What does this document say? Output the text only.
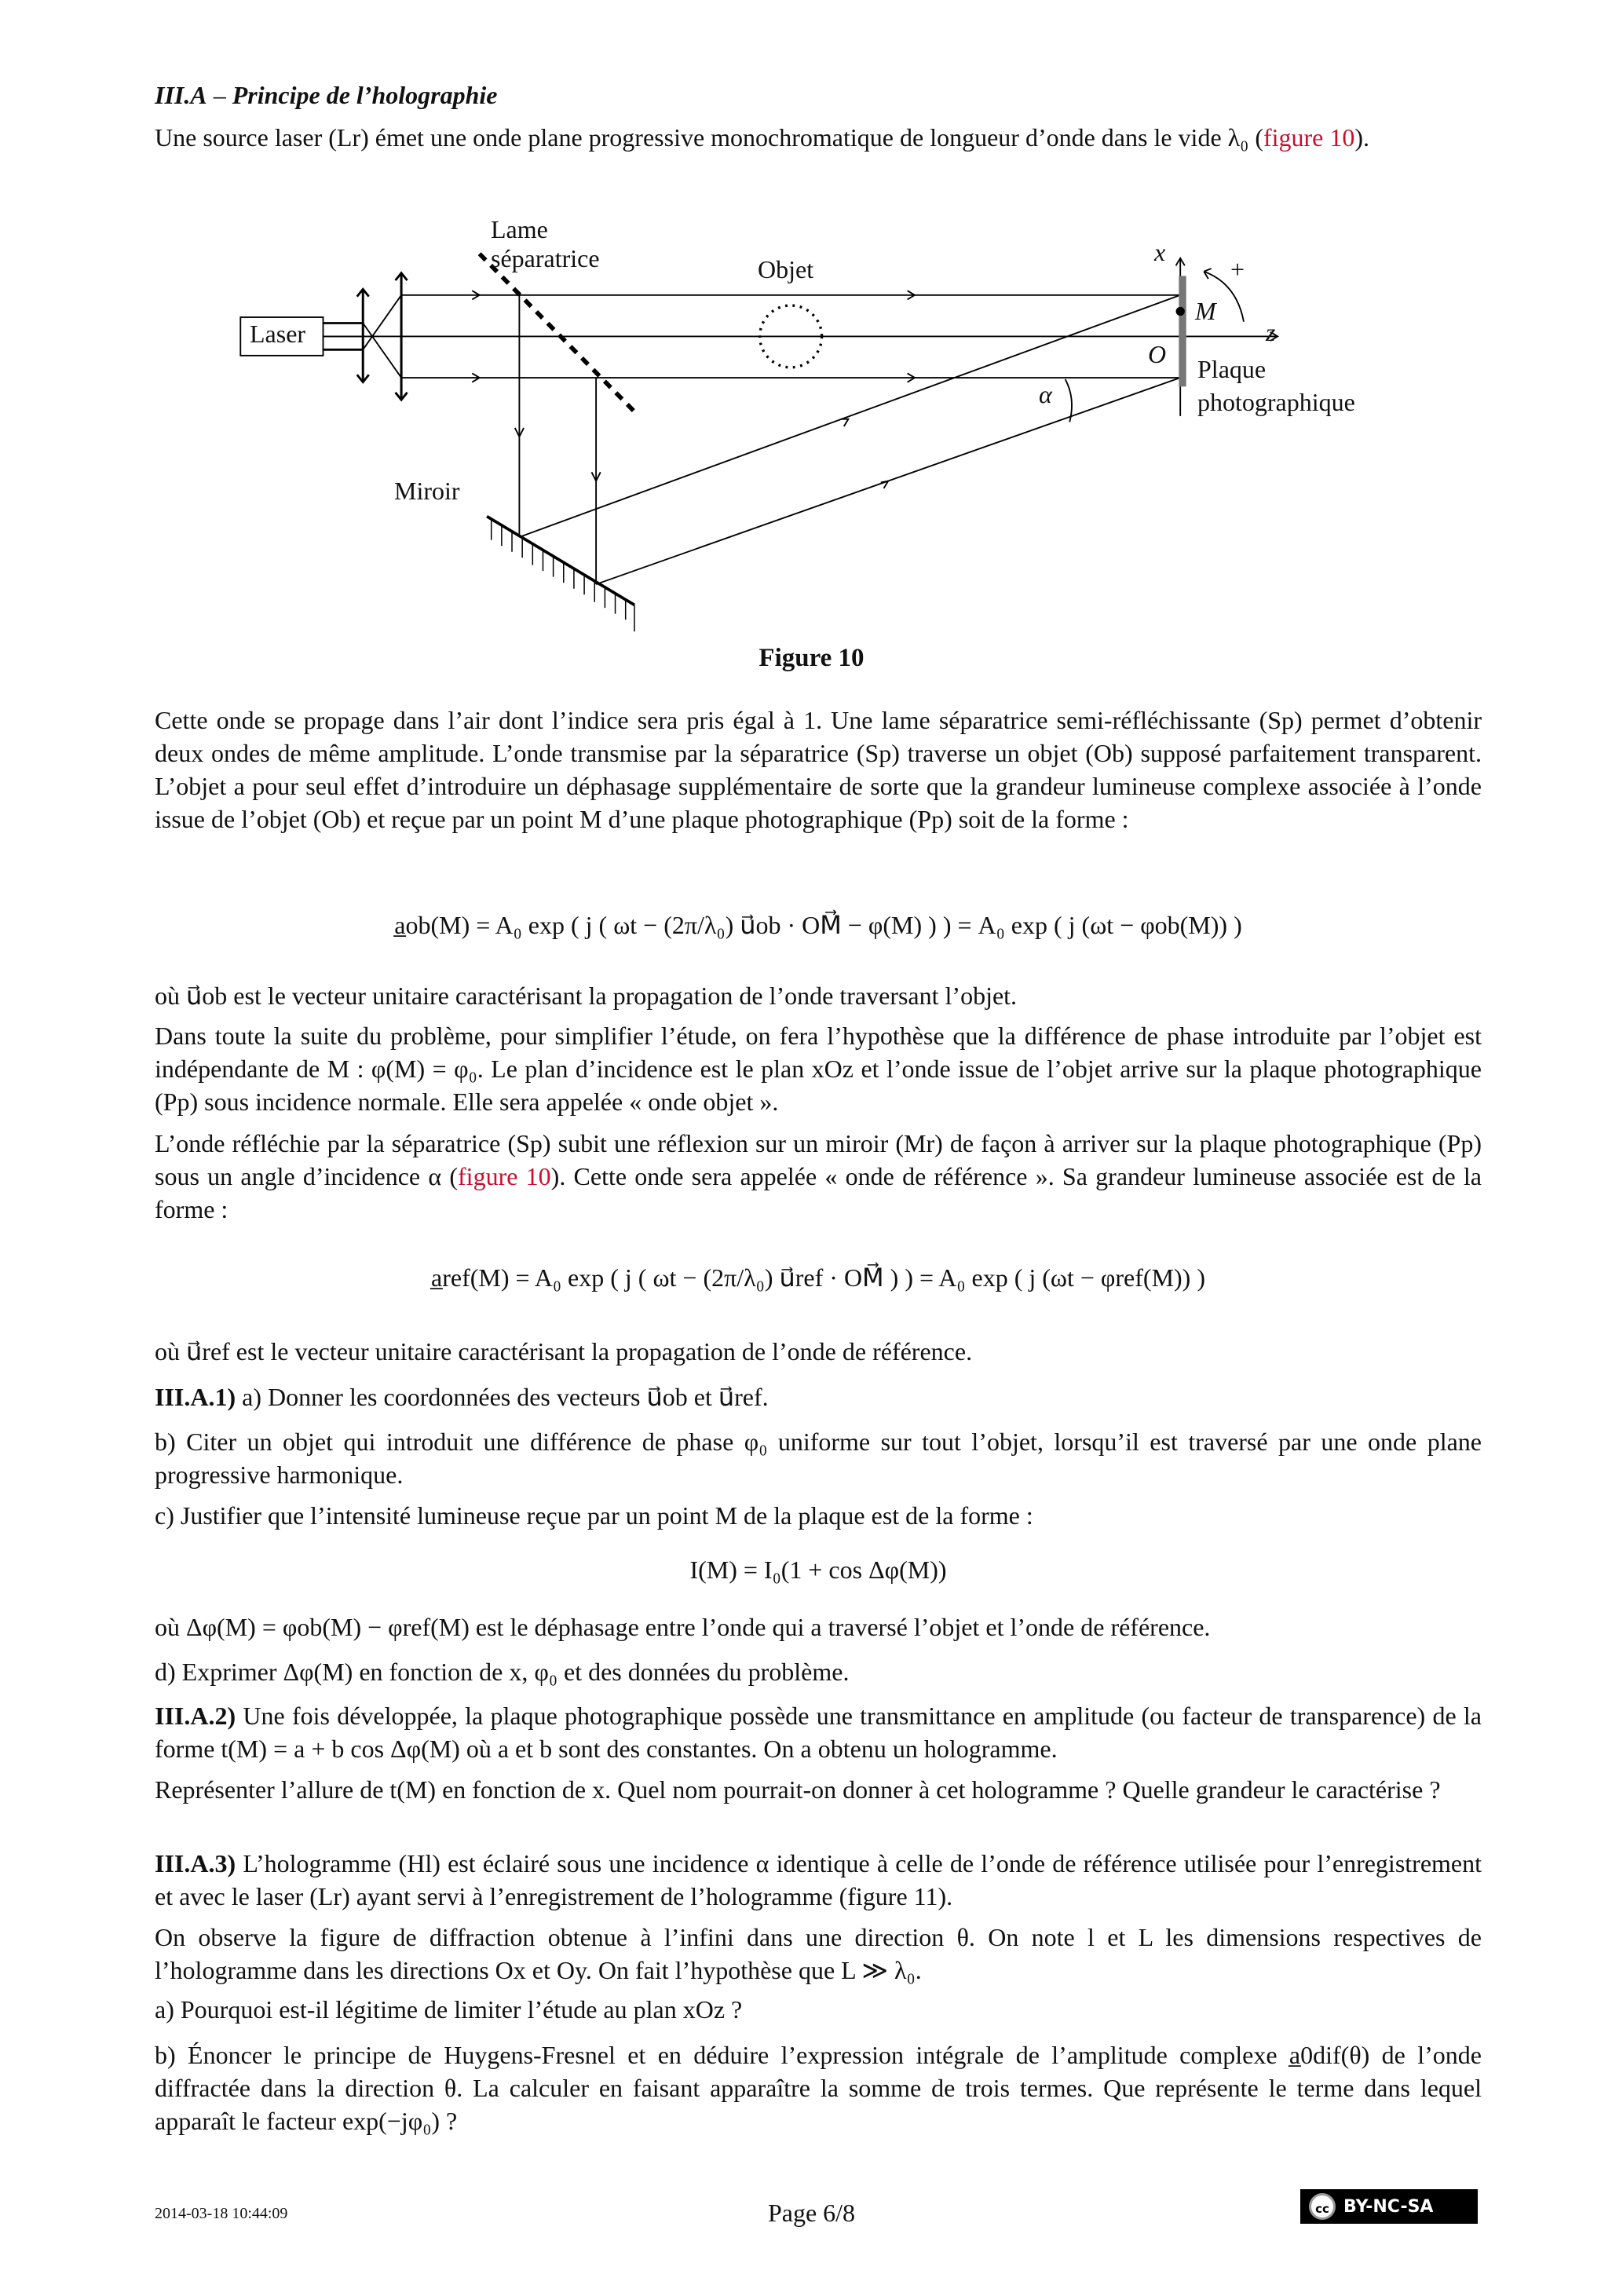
III.A – Principe de l’holographie
Une source laser (Lr) émet une onde plane progressive monochromatique de longueur d’onde dans le vide λ₀ (figure 10).
Lame séparatrice	Objet
Laser
Miroir
x
z
M
O
+
α
Plaque
photographique
Figure 10
Cette onde se propage dans l’air dont l’indice sera pris égal à 1. Une lame séparatrice semi-réfléchissante (Sp) permet d’obtenir deux ondes de même amplitude. L’onde transmise par la séparatrice (Sp) traverse un objet (Ob) supposé parfaitement transparent. L’objet a pour seul effet d’introduire un déphasage supplémentaire de sorte que la grandeur lumineuse complexe associée à l’onde issue de l’objet (Ob) et reçue par un point M d’une plaque photographique (Pp) soit de la forme :
a̲ob(M) = A₀ exp ( j ( ωt − (2π/λ₀) u⃗ob · OM⃗ − φ(M) ) ) = A₀ exp ( j (ωt − φob(M)) )
où u⃗ob est le vecteur unitaire caractérisant la propagation de l’onde traversant l’objet.
Dans toute la suite du problème, pour simplifier l’étude, on fera l’hypothèse que la différence de phase introduite par l’objet est indépendante de M : φ(M) = φ₀. Le plan d’incidence est le plan xOz et l’onde issue de l’objet arrive sur la plaque photographique (Pp) sous incidence normale. Elle sera appelée « onde objet ».
L’onde réfléchie par la séparatrice (Sp) subit une réflexion sur un miroir (Mr) de façon à arriver sur la plaque photographique (Pp) sous un angle d’incidence α (figure 10). Cette onde sera appelée « onde de référence ». Sa grandeur lumineuse associée est de la forme :
a̲ref(M) = A₀ exp ( j ( ωt − (2π/λ₀) u⃗ref · OM⃗ ) ) = A₀ exp ( j (ωt − φref(M)) )
où u⃗ref est le vecteur unitaire caractérisant la propagation de l’onde de référence.
III.A.1) a) Donner les coordonnées des vecteurs u⃗ob et u⃗ref.
b) Citer un objet qui introduit une différence de phase φ₀ uniforme sur tout l’objet, lorsqu’il est traversé par une onde plane progressive harmonique.
c) Justifier que l’intensité lumineuse reçue par un point M de la plaque est de la forme :
I(M) = I₀(1 + cos Δφ(M))
où Δφ(M) = φob(M) − φref(M) est le déphasage entre l’onde qui a traversé l’objet et l’onde de référence.
d) Exprimer Δφ(M) en fonction de x, φ₀ et des données du problème.
III.A.2) Une fois développée, la plaque photographique possède une transmittance en amplitude (ou facteur de transparence) de la forme t(M) = a + b cos Δφ(M) où a et b sont des constantes. On a obtenu un hologramme.
Représenter l’allure de t(M) en fonction de x. Quel nom pourrait-on donner à cet hologramme ? Quelle grandeur le caractérise ?
III.A.3) L’hologramme (Hl) est éclairé sous une incidence α identique à celle de l’onde de référence utilisée pour l’enregistrement et avec le laser (Lr) ayant servi à l’enregistrement de l’hologramme (figure 11).
On observe la figure de diffraction obtenue à l’infini dans une direction θ. On note l et L les dimensions respectives de l’hologramme dans les directions Ox et Oy. On fait l’hypothèse que L ≫ λ₀.
a) Pourquoi est-il légitime de limiter l’étude au plan xOz ?
b) Énoncer le principe de Huygens-Fresnel et en déduire l’expression intégrale de l’amplitude complexe a̲0dif(θ) de l’onde diffractée dans la direction θ. La calculer en faisant apparaître la somme de trois termes. Que représente le terme dans lequel apparaît le facteur exp(−jφ₀) ?
2014-03-18 10:44:09	Page 6/8	cc BY-NC-SA
